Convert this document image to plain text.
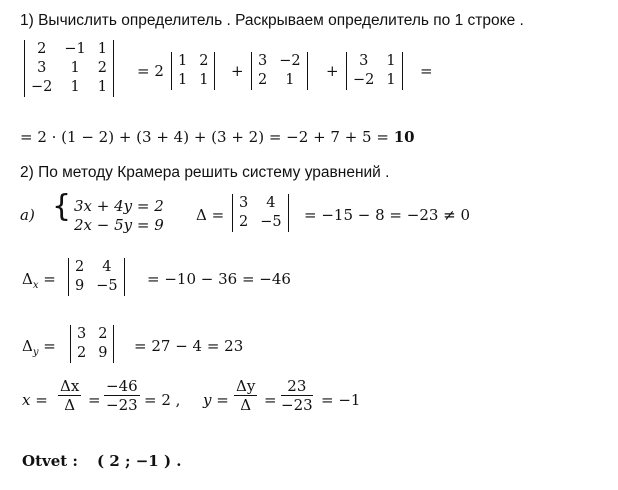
1) Вычислить определитель . Раскрываем определитель по 1 строке .
2	−1	1
3	1	2
−2	1	1
= 2
1	2
1	1 +
3	−2
2	1 +
3	1
−2	1 =
= 2 · (1 − 2) + (3 + 4) + (3 + 2) = −2 + 7 + 5 = 10
2) По методу Крамера решить систему уравнений .
a) { 3x + 4y = 2
2x − 5y = 9
Δ =
3	4
2	−5 = −15 − 8 = −23 ≠ 0
$\Delta_x$ =
2	4
9	−5 = −10 − 36 = −46
$\Delta_y$ =
3	2
2	9 = 27 − 4 = 23
$x = \frac{\Delta x}{\Delta} = \frac{-46}{-23} = 2$ , $y = \frac{\Delta y}{\Delta} = \frac{23}{-23} = -1$
Otvet : ( 2 ; −1 ) .
